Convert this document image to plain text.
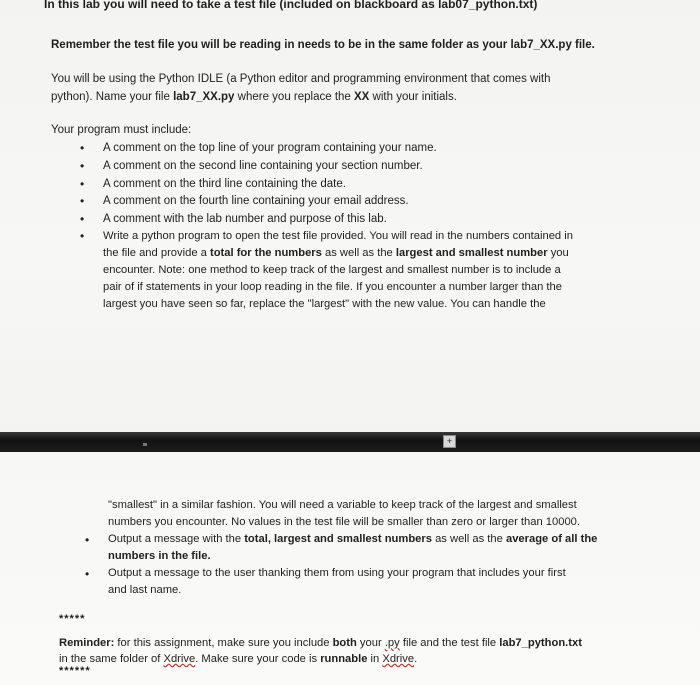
In this lab you will need to take a test file (included on blackboard as lab07_python.txt)
Remember the test file you will be reading in needs to be in the same folder as your lab7_XX.py file.
You will be using the Python IDLE (a Python editor and programming environment that comes with
python). Name your file lab7_XX.py where you replace the XX with your initials.
Your program must include:
• A comment on the top line of your program containing your name.
• A comment on the second line containing your section number.
• A comment on the third line containing the date.
• A comment on the fourth line containing your email address.
• A comment with the lab number and purpose of this lab.
• Write a python program to open the test file provided. You will read in the numbers contained in
the file and provide a total for the numbers as well as the largest and smallest number you
encounter. Note: one method to keep track of the largest and smallest number is to include a
pair of if statements in your loop reading in the file. If you encounter a number larger than the
largest you have seen so far, replace the "largest" with the new value. You can handle the
+
"smallest" in a similar fashion. You will need a variable to keep track of the largest and smallest
numbers you encounter. No values in the test file will be smaller than zero or larger than 10000.
• Output a message with the total, largest and smallest numbers as well as the average of all the
numbers in the file.
• Output a message to the user thanking them from using your program that includes your first
and last name.
*****
Reminder: for this assignment, make sure you include both your .py file and the test file lab7_python.txt
in the same folder of Xdrive. Make sure your code is runnable in Xdrive.
******
